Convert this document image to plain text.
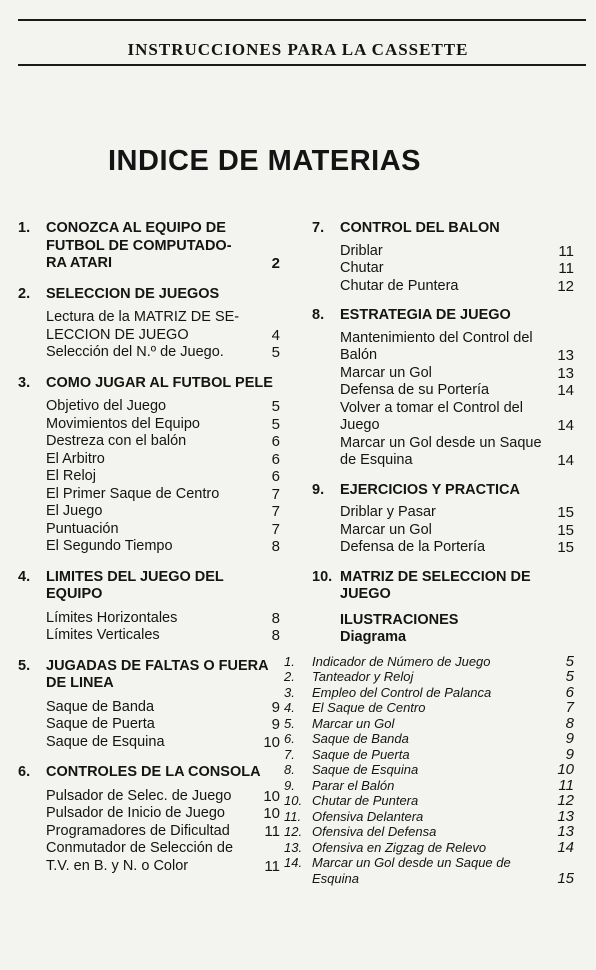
INSTRUCCIONES PARA LA CASSETTE
INDICE DE MATERIAS
1. CONOZCA AL EQUIPO DE FUTBOL DE COMPUTADO-RA ATARI	2
2. SELECCION DE JUEGOS
Lectura de la MATRIZ DE SE-LECCION DE JUEGO	4
Selección del N.º de Juego.	5
3. COMO JUGAR AL FUTBOL PELE
Objetivo del Juego	5
Movimientos del Equipo	5
Destreza con el balón	6
El Arbitro	6
El Reloj	6
El Primer Saque de Centro	7
El Juego	7
Puntuación	7
El Segundo Tiempo	8
4. LIMITES DEL JUEGO DEL EQUIPO
Límites Horizontales	8
Límites Verticales	8
5. JUGADAS DE FALTAS O FUERA DE LINEA
Saque de Banda	9
Saque de Puerta	9
Saque de Esquina	10
6. CONTROLES DE LA CONSOLA
Pulsador de Selec. de Juego	10
Pulsador de Inicio de Juego	10
Programadores de Dificultad	11
Conmutador de Selección de T.V. en B. y N. o Color	11
7. CONTROL DEL BALON
Driblar	11
Chutar	11
Chutar de Puntera	12
8. ESTRATEGIA DE JUEGO
Mantenimiento del Control del Balón	13
Marcar un Gol	13
Defensa de su Portería	14
Volver a tomar el Control del Juego	14
Marcar un Gol desde un Saque de Esquina	14
9. EJERCICIOS Y PRACTICA
Driblar y Pasar	15
Marcar un Gol	15
Defensa de la Portería	15
10. MATRIZ DE SELECCION DE JUEGO
ILUSTRACIONES
Diagrama
1. Indicador de Número de Juego	5
2. Tanteador y Reloj	5
3. Empleo del Control de Palanca	6
4. El Saque de Centro	7
5. Marcar un Gol	8
6. Saque de Banda	9
7. Saque de Puerta	9
8. Saque de Esquina	10
9. Parar el Balón	11
10. Chutar de Puntera	12
11. Ofensiva Delantera	13
12. Ofensiva del Defensa	13
13. Ofensiva en Zigzag de Relevo	14
14. Marcar un Gol desde un Saque de Esquina	15
